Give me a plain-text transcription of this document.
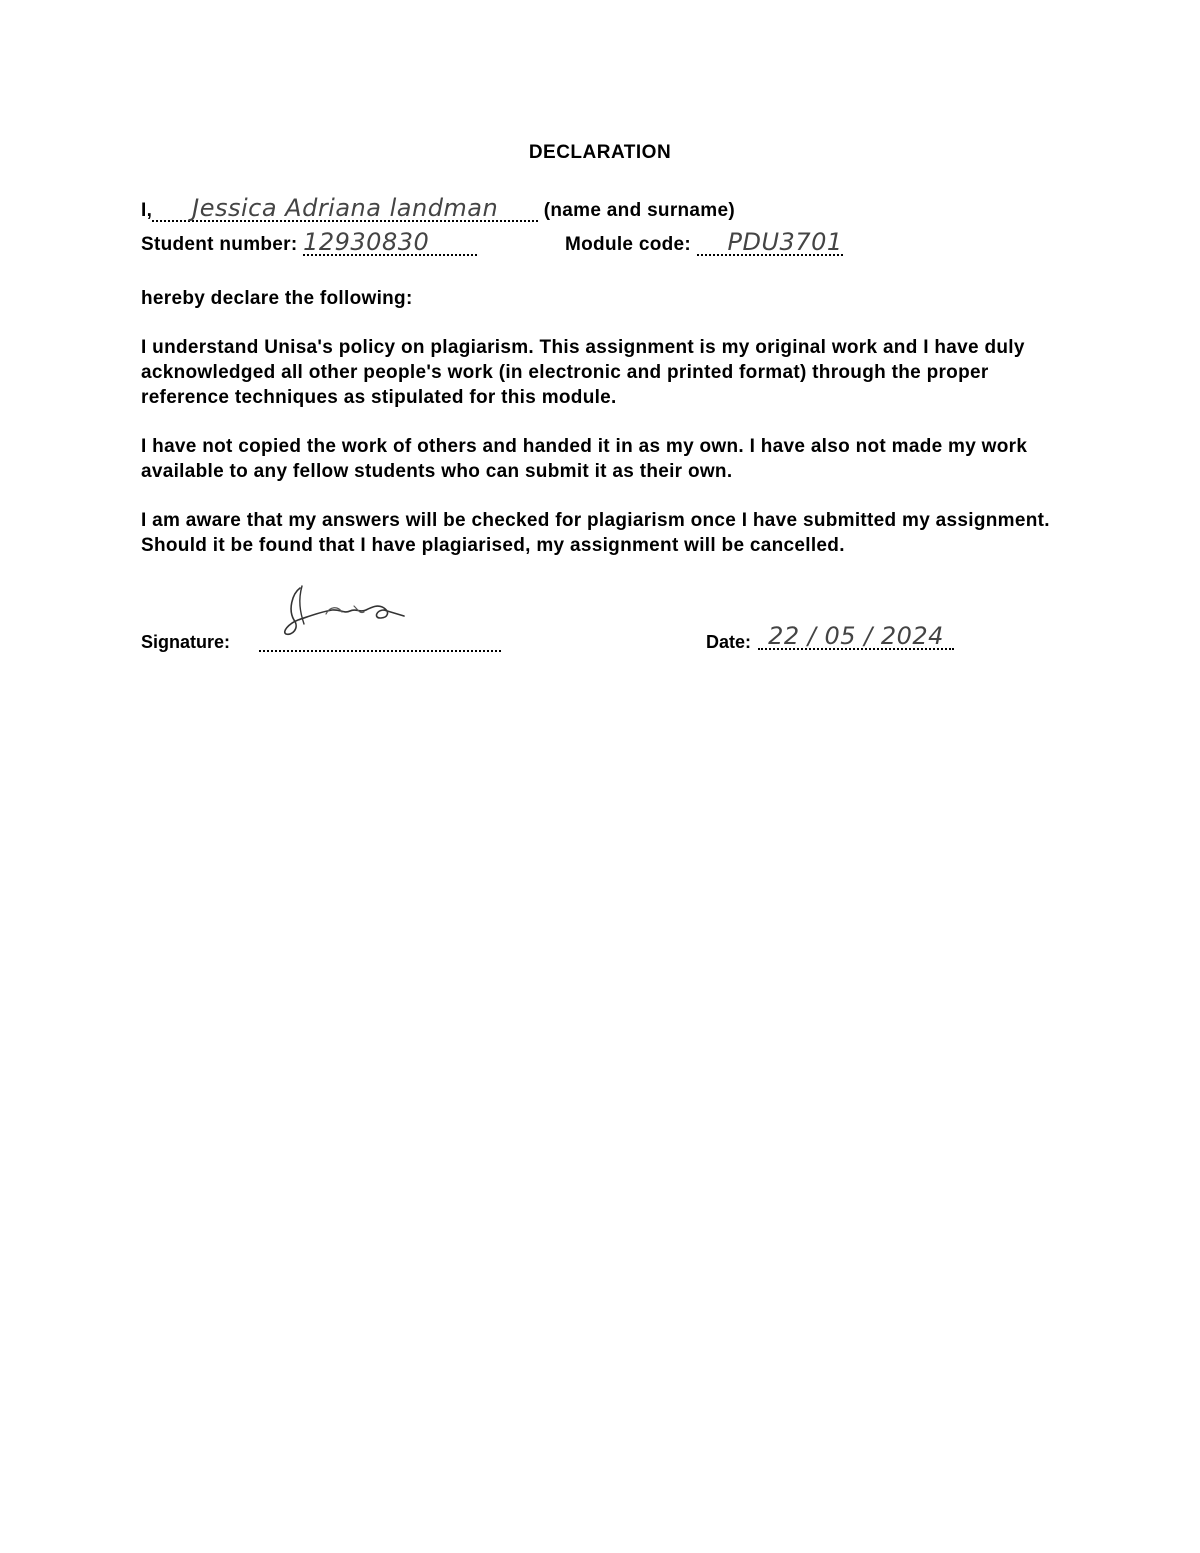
DECLARATION
I, Jessica Adriana landman (name and surname)
Student number: 12930830	Module code: PDU3701

hereby declare the following:

I understand Unisa's policy on plagiarism. This assignment is my original work and I have duly acknowledged all other people's work (in electronic and printed format) through the proper reference techniques as stipulated for this module.

I have not copied the work of others and handed it in as my own. I have also not made my work available to any fellow students who can submit it as their own.

I am aware that my answers will be checked for plagiarism once I have submitted my assignment. Should it be found that I have plagiarised, my assignment will be cancelled.

Signature:	Date: 22 / 05 / 2024
